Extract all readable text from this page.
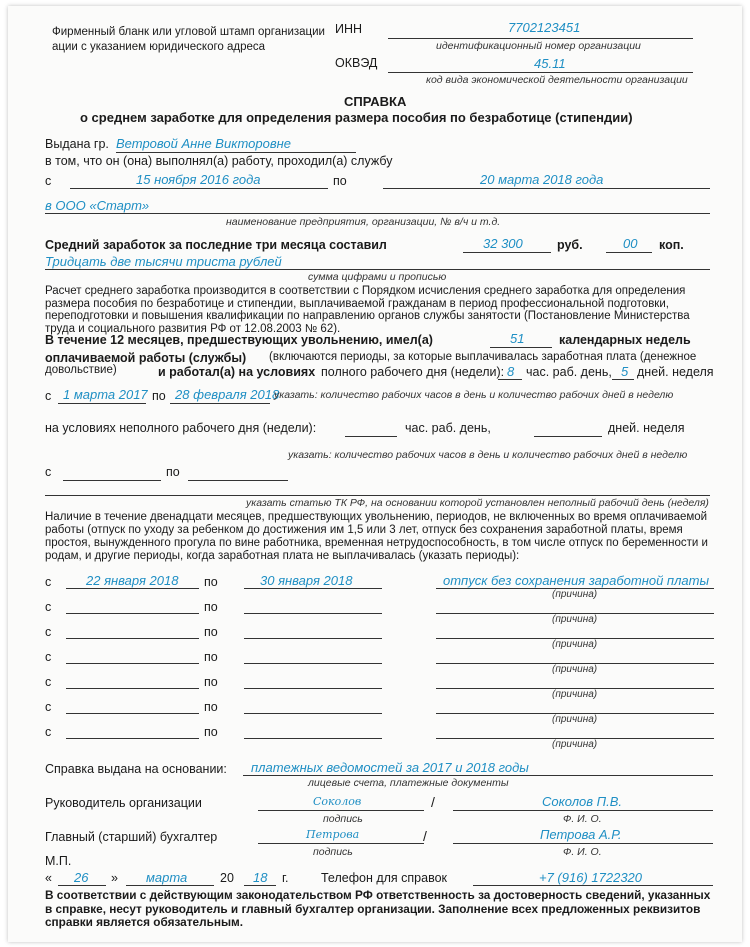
Фирменный бланк или угловой штамп организации
ации с указанием юридического адреса
ИНН	7702123451
идентификационный номер организации
ОКВЭД	45.11
код вида экономической деятельности организации
СПРАВКА
о среднем заработке для определения размера пособия по безработице (стипендии)
Выдана гр. Ветровой Анне Викторовне
в том, что он (она) выполнял(а) работу, проходил(а) службу
с	15 ноября 2016 года	по	20 марта 2018 года
в ООО «Старт»
наименование предприятия, организации, № в/ч и т.д.
Средний заработок за последние три месяца составил	32 300	руб.	00 коп.
Тридцать две тысячи триста рублей
сумма цифрами и прописью
Расчет среднего заработка производится в соответствии с Порядком исчисления среднего заработка для определения размера пособия по безработице и стипендии, выплачиваемой гражданам в период профессиональной подготовки, переподготовки и повышения квалификации по направлению органов службы занятости (Постановление Министерства труда и социального развития РФ от 12.08.2003 № 62).
В течение 12 месяцев, предшествующих увольнению, имел(а)	51	календарных недель
оплачиваемой работы (службы)	(включаются периоды, за которые выплачивалась заработная плата (денежное довольствие)	и работал(а) на условиях полного рабочего дня (недели): 8 час. раб. день, 5 дней. неделя
с 1 марта 2017 по 28 февраля 2018
указать: количество рабочих часов в день и количество рабочих дней в неделю
на условиях неполного рабочего дня (недели):	час. раб. день,	дней. неделя
указать: количество рабочих часов в день и количество рабочих дней в неделю
с	по
указать статью ТК РФ, на основании которой установлен неполный рабочий день (неделя)
Наличие в течение двенадцати месяцев, предшествующих увольнению, периодов, не включенных во время оплачиваемой работы (отпуск по уходу за ребенком до достижения им 1,5 или 3 лет, отпуск без сохранения заработной платы, время простоя, вынужденного прогула по вине работника, временная нетрудоспособность, в том числе отпуск по беременности и родам, и другие периоды, когда заработная плата не выплачивалась (указать периоды):
с	22 января 2018 по	30 января 2018	отпуск без сохранения заработной платы
(причина)
с	по
(причина)
с	по
(причина)
с	по
(причина)
с	по
(причина)
с	по
(причина)
с	по
(причина)
Справка выдана на основании: платежных ведомостей за 2017 и 2018 годы
лицевые счета, платежные документы
Руководитель организации	Соколов	/
подпись
Соколов П.В.
Ф. И. О.
Главный (старший) бухгалтер	Петрова	/
подпись
Петрова А.Р.
Ф. И. О.
М.П.
« 26 » марта	20 18 г.	Телефон для справок	+7 (916) 1722320
В соответствии с действующим законодательством РФ ответственность за достоверность сведений, указанных в справке, несут руководитель и главный бухгалтер организации. Заполнение всех предложенных реквизитов справки является обязательным.
